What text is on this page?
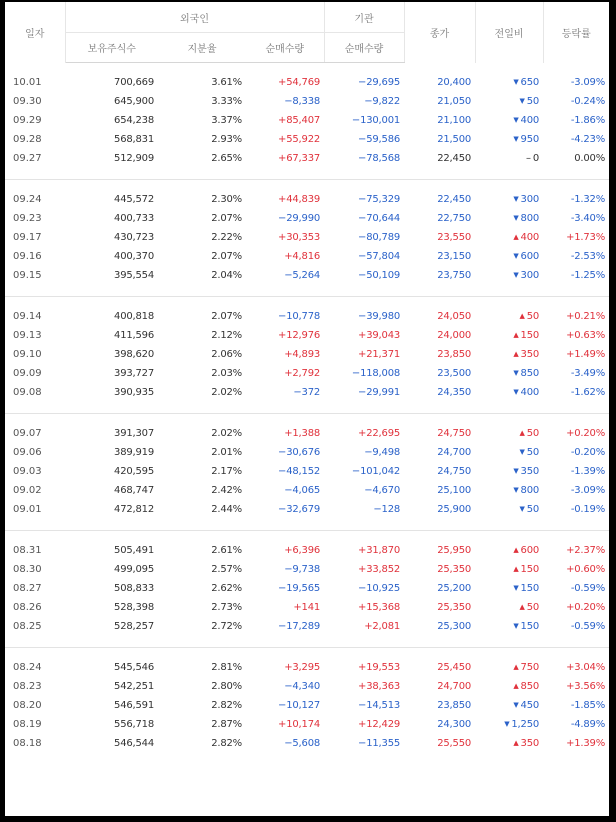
일자	외국인			기관	종가	전일비	등락률
	보유주식수	지분율	순매수량	순매수량			

10.01	700,669	3.61%	+54,769	−29,695	20,400	▼ 650	-3.09%
09.30	645,900	3.33%	−8,338	−9,822	21,050	▼ 50	-0.24%
09.29	654,238	3.37%	+85,407	−130,001	21,100	▼ 400	-1.86%
09.28	568,831	2.93%	+55,922	−59,586	21,500	▼ 950	-4.23%
09.27	512,909	2.65%	+67,337	−78,568	22,450	– 0	0.00%

09.24	445,572	2.30%	+44,839	−75,329	22,450	▼ 300	-1.32%
09.23	400,733	2.07%	−29,990	−70,644	22,750	▼ 800	-3.40%
09.17	430,723	2.22%	+30,353	−80,789	23,550	▲ 400	+1.73%
09.16	400,370	2.07%	+4,816	−57,804	23,150	▼ 600	-2.53%
09.15	395,554	2.04%	−5,264	−50,109	23,750	▼ 300	-1.25%

09.14	400,818	2.07%	−10,778	−39,980	24,050	▲ 50	+0.21%
09.13	411,596	2.12%	+12,976	+39,043	24,000	▲ 150	+0.63%
09.10	398,620	2.06%	+4,893	+21,371	23,850	▲ 350	+1.49%
09.09	393,727	2.03%	+2,792	−118,008	23,500	▼ 850	-3.49%
09.08	390,935	2.02%	−372	−29,991	24,350	▼ 400	-1.62%

09.07	391,307	2.02%	+1,388	+22,695	24,750	▲ 50	+0.20%
09.06	389,919	2.01%	−30,676	−9,498	24,700	▼ 50	-0.20%
09.03	420,595	2.17%	−48,152	−101,042	24,750	▼ 350	-1.39%
09.02	468,747	2.42%	−4,065	−4,670	25,100	▼ 800	-3.09%
09.01	472,812	2.44%	−32,679	−128	25,900	▼ 50	-0.19%

08.31	505,491	2.61%	+6,396	+31,870	25,950	▲ 600	+2.37%
08.30	499,095	2.57%	−9,738	+33,852	25,350	▲ 150	+0.60%
08.27	508,833	2.62%	−19,565	−10,925	25,200	▼ 150	-0.59%
08.26	528,398	2.73%	+141	+15,368	25,350	▲ 50	+0.20%
08.25	528,257	2.72%	−17,289	+2,081	25,300	▼ 150	-0.59%

08.24	545,546	2.81%	+3,295	+19,553	25,450	▲ 750	+3.04%
08.23	542,251	2.80%	−4,340	+38,363	24,700	▲ 850	+3.56%
08.20	546,591	2.82%	−10,127	−14,513	23,850	▼ 450	-1.85%
08.19	556,718	2.87%	+10,174	+12,429	24,300	▼ 1,250	-4.89%
08.18	546,544	2.82%	−5,608	−11,355	25,550	▲ 350	+1.39%
